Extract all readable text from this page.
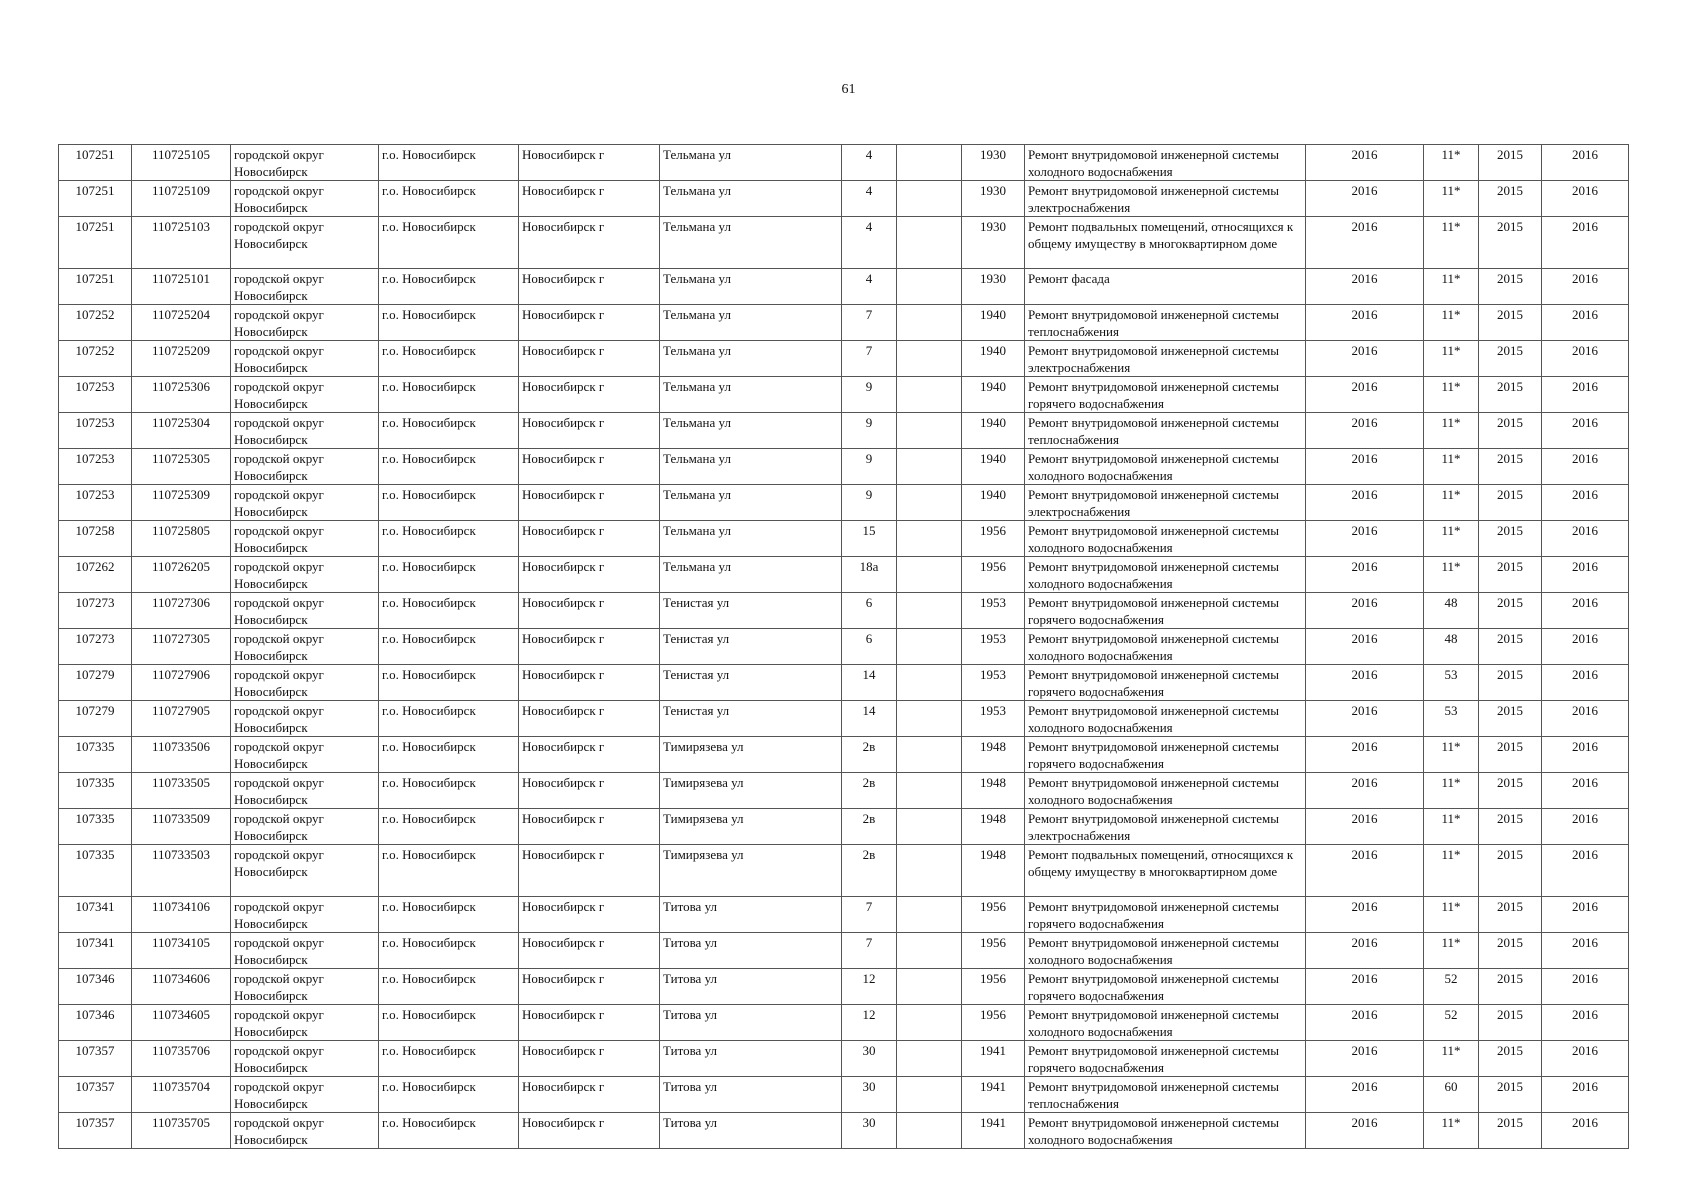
61
107251	110725105	городской округ Новосибирск	г.о. Новосибирск	Новосибирск г	Тельмана ул	4		1930	Ремонт внутридомовой инженерной системы холодного водоснабжения	2016	11*	2015	2016
107251	110725109	городской округ Новосибирск	г.о. Новосибирск	Новосибирск г	Тельмана ул	4		1930	Ремонт внутридомовой инженерной системы электроснабжения	2016	11*	2015	2016
107251	110725103	городской округ Новосибирск	г.о. Новосибирск	Новосибирск г	Тельмана ул	4		1930	Ремонт подвальных помещений, относящихся к общему имуществу в многоквартирном доме	2016	11*	2015	2016
107251	110725101	городской округ Новосибирск	г.о. Новосибирск	Новосибирск г	Тельмана ул	4		1930	Ремонт фасада	2016	11*	2015	2016
107252	110725204	городской округ Новосибирск	г.о. Новосибирск	Новосибирск г	Тельмана ул	7		1940	Ремонт внутридомовой инженерной системы теплоснабжения	2016	11*	2015	2016
107252	110725209	городской округ Новосибирск	г.о. Новосибирск	Новосибирск г	Тельмана ул	7		1940	Ремонт внутридомовой инженерной системы электроснабжения	2016	11*	2015	2016
107253	110725306	городской округ Новосибирск	г.о. Новосибирск	Новосибирск г	Тельмана ул	9		1940	Ремонт внутридомовой инженерной системы горячего водоснабжения	2016	11*	2015	2016
107253	110725304	городской округ Новосибирск	г.о. Новосибирск	Новосибирск г	Тельмана ул	9		1940	Ремонт внутридомовой инженерной системы теплоснабжения	2016	11*	2015	2016
107253	110725305	городской округ Новосибирск	г.о. Новосибирск	Новосибирск г	Тельмана ул	9		1940	Ремонт внутридомовой инженерной системы холодного водоснабжения	2016	11*	2015	2016
107253	110725309	городской округ Новосибирск	г.о. Новосибирск	Новосибирск г	Тельмана ул	9		1940	Ремонт внутридомовой инженерной системы электроснабжения	2016	11*	2015	2016
107258	110725805	городской округ Новосибирск	г.о. Новосибирск	Новосибирск г	Тельмана ул	15		1956	Ремонт внутридомовой инженерной системы холодного водоснабжения	2016	11*	2015	2016
107262	110726205	городской округ Новосибирск	г.о. Новосибирск	Новосибирск г	Тельмана ул	18а		1956	Ремонт внутридомовой инженерной системы холодного водоснабжения	2016	11*	2015	2016
107273	110727306	городской округ Новосибирск	г.о. Новосибирск	Новосибирск г	Тенистая ул	6		1953	Ремонт внутридомовой инженерной системы горячего водоснабжения	2016	48	2015	2016
107273	110727305	городской округ Новосибирск	г.о. Новосибирск	Новосибирск г	Тенистая ул	6		1953	Ремонт внутридомовой инженерной системы холодного водоснабжения	2016	48	2015	2016
107279	110727906	городской округ Новосибирск	г.о. Новосибирск	Новосибирск г	Тенистая ул	14		1953	Ремонт внутридомовой инженерной системы горячего водоснабжения	2016	53	2015	2016
107279	110727905	городской округ Новосибирск	г.о. Новосибирск	Новосибирск г	Тенистая ул	14		1953	Ремонт внутридомовой инженерной системы холодного водоснабжения	2016	53	2015	2016
107335	110733506	городской округ Новосибирск	г.о. Новосибирск	Новосибирск г	Тимирязева ул	2в		1948	Ремонт внутридомовой инженерной системы горячего водоснабжения	2016	11*	2015	2016
107335	110733505	городской округ Новосибирск	г.о. Новосибирск	Новосибирск г	Тимирязева ул	2в		1948	Ремонт внутридомовой инженерной системы холодного водоснабжения	2016	11*	2015	2016
107335	110733509	городской округ Новосибирск	г.о. Новосибирск	Новосибирск г	Тимирязева ул	2в		1948	Ремонт внутридомовой инженерной системы электроснабжения	2016	11*	2015	2016
107335	110733503	городской округ Новосибирск	г.о. Новосибирск	Новосибирск г	Тимирязева ул	2в		1948	Ремонт подвальных помещений, относящихся к общему имуществу в многоквартирном доме	2016	11*	2015	2016
107341	110734106	городской округ Новосибирск	г.о. Новосибирск	Новосибирск г	Титова ул	7		1956	Ремонт внутридомовой инженерной системы горячего водоснабжения	2016	11*	2015	2016
107341	110734105	городской округ Новосибирск	г.о. Новосибирск	Новосибирск г	Титова ул	7		1956	Ремонт внутридомовой инженерной системы холодного водоснабжения	2016	11*	2015	2016
107346	110734606	городской округ Новосибирск	г.о. Новосибирск	Новосибирск г	Титова ул	12		1956	Ремонт внутридомовой инженерной системы горячего водоснабжения	2016	52	2015	2016
107346	110734605	городской округ Новосибирск	г.о. Новосибирск	Новосибирск г	Титова ул	12		1956	Ремонт внутридомовой инженерной системы холодного водоснабжения	2016	52	2015	2016
107357	110735706	городской округ Новосибирск	г.о. Новосибирск	Новосибирск г	Титова ул	30		1941	Ремонт внутридомовой инженерной системы горячего водоснабжения	2016	11*	2015	2016
107357	110735704	городской округ Новосибирск	г.о. Новосибирск	Новосибирск г	Титова ул	30		1941	Ремонт внутридомовой инженерной системы теплоснабжения	2016	60	2015	2016
107357	110735705	городской округ Новосибирск	г.о. Новосибирск	Новосибирск г	Титова ул	30		1941	Ремонт внутридомовой инженерной системы холодного водоснабжения	2016	11*	2015	2016
